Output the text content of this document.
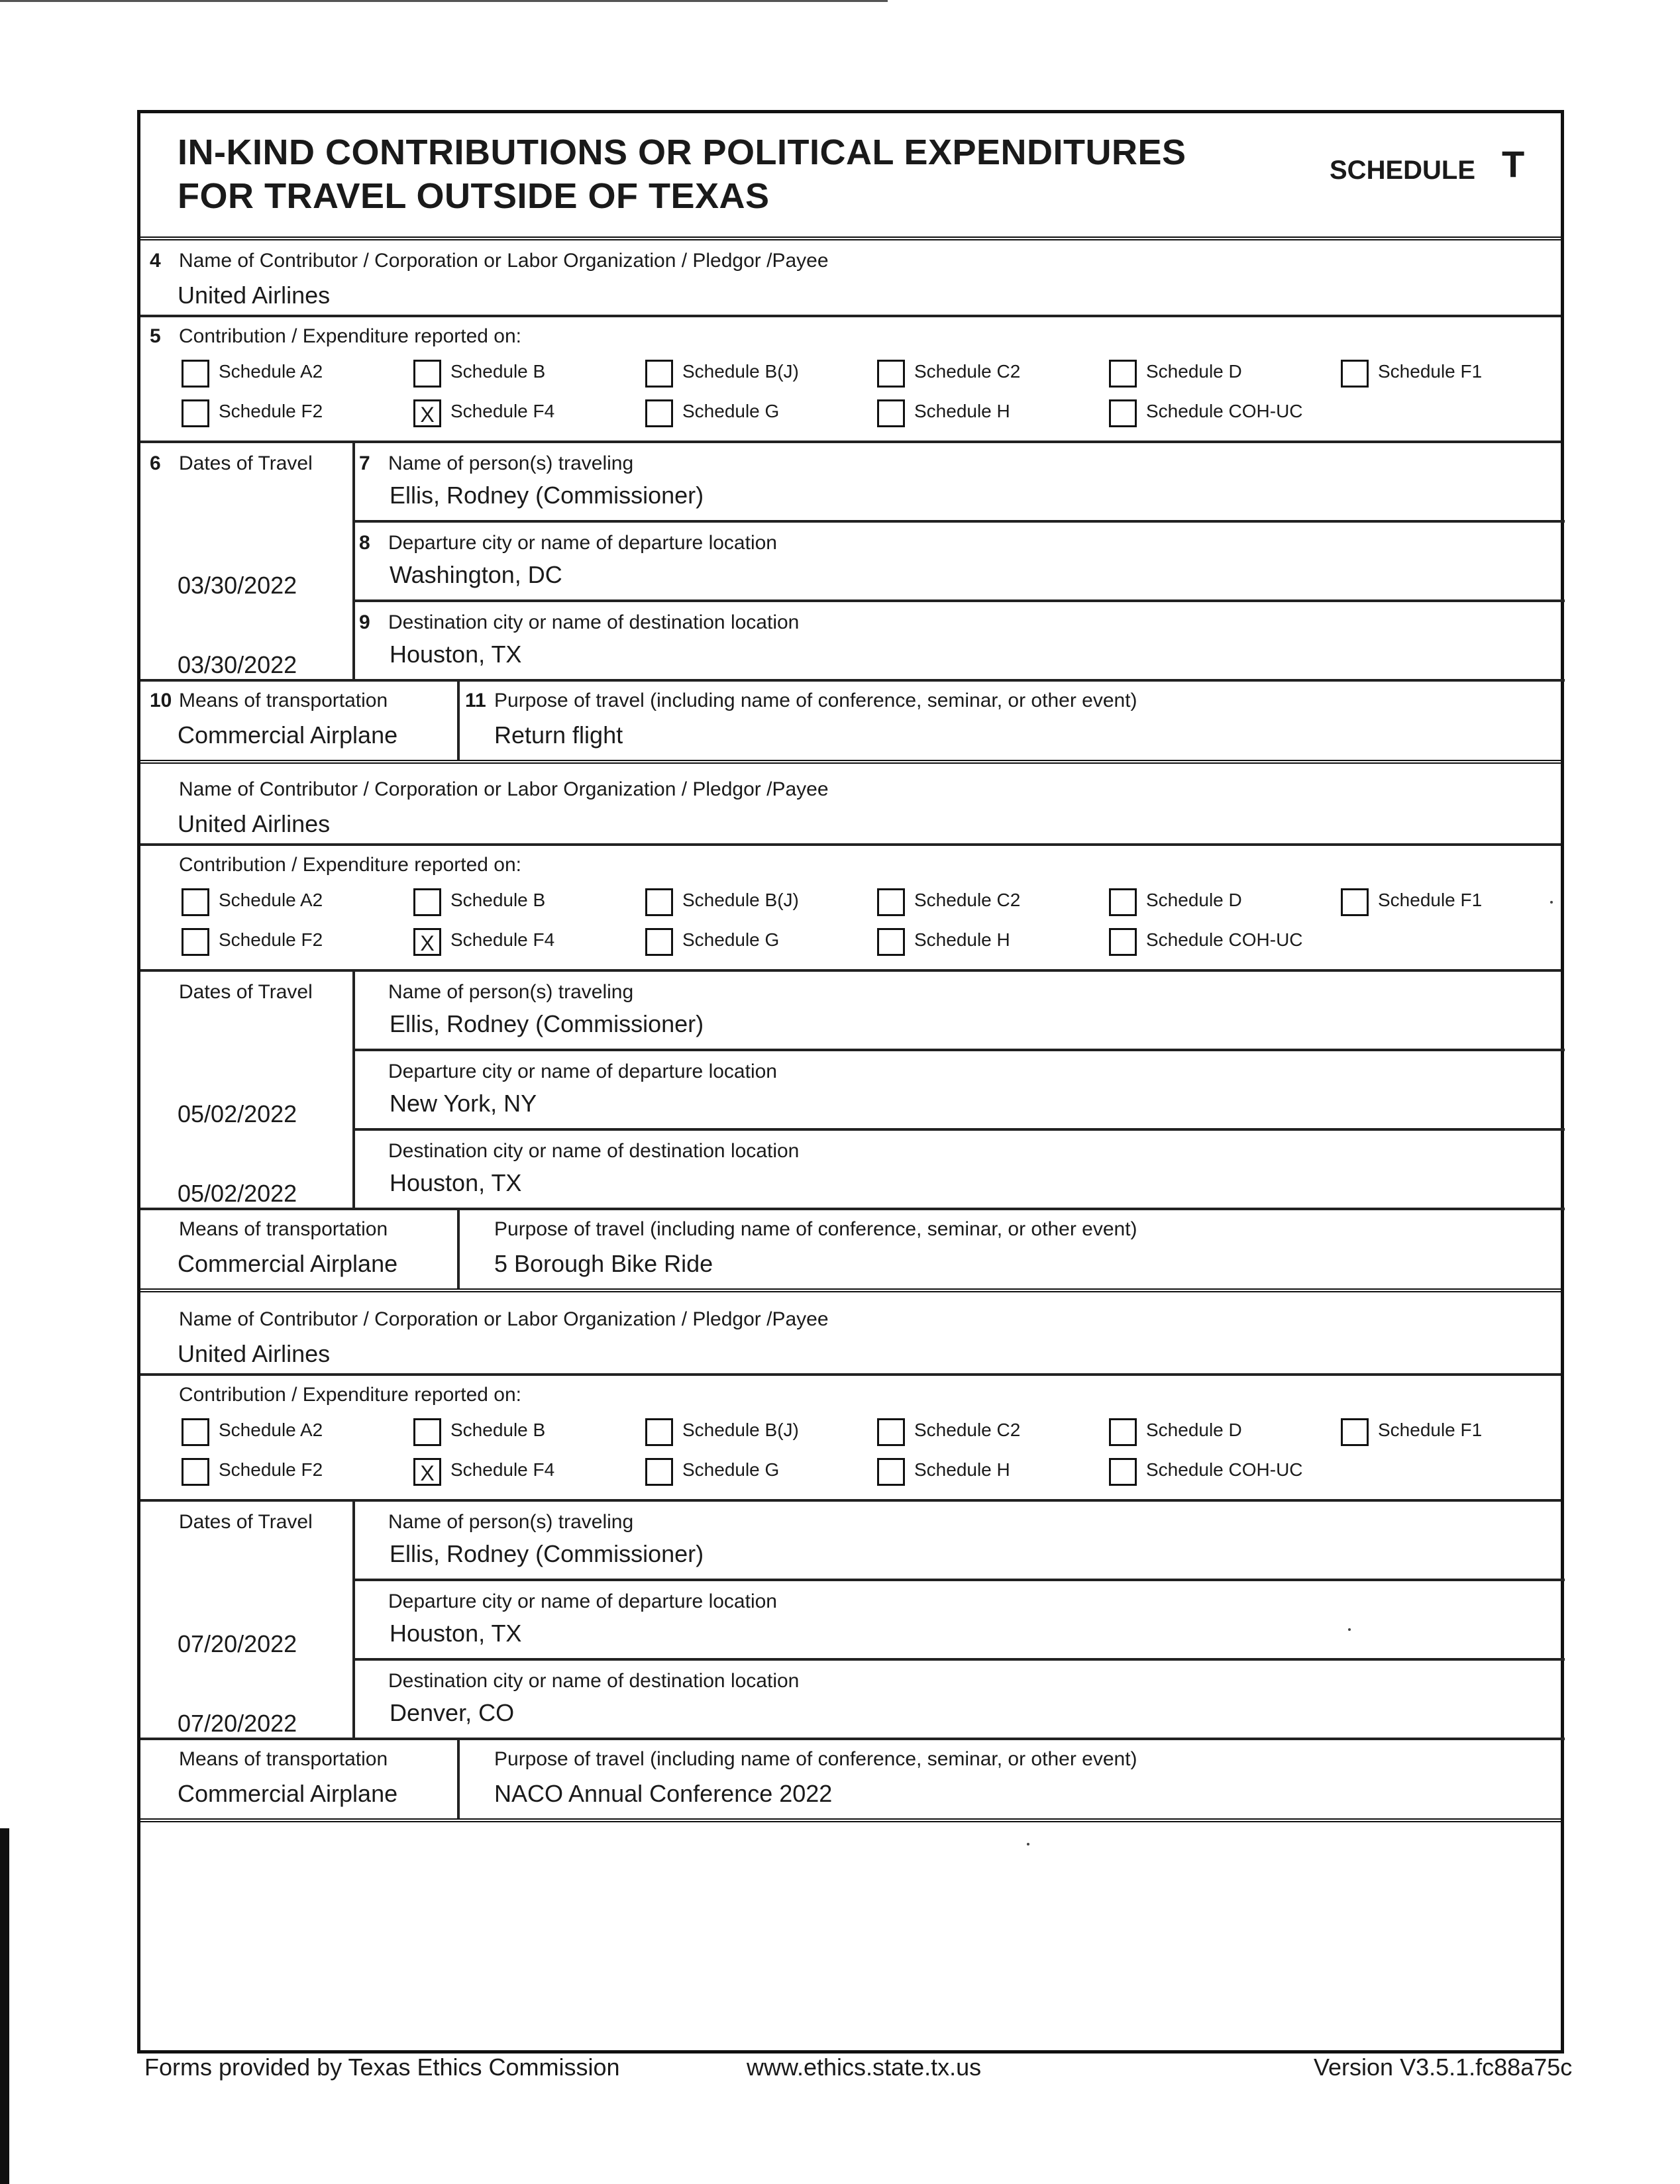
IN-KIND CONTRIBUTIONS OR POLITICAL EXPENDITURES
FOR TRAVEL OUTSIDE OF TEXAS
SCHEDULE T
4 Name of Contributor / Corporation or Labor Organization / Pledgor /Payee
United Airlines
5 Contribution / Expenditure reported on:
Schedule A2	Schedule B	Schedule B(J)	Schedule C2	Schedule D	Schedule F1
Schedule F2	X Schedule F4	Schedule G	Schedule H	Schedule COH-UC
6 Dates of Travel
03/30/2022
03/30/2022
7 Name of person(s) traveling
Ellis, Rodney (Commissioner)
8 Departure city or name of departure location
Washington, DC
9 Destination city or name of destination location
Houston, TX
10 Means of transportation
Commercial Airplane
11 Purpose of travel (including name of conference, seminar, or other event)
Return flight
Name of Contributor / Corporation or Labor Organization / Pledgor /Payee
United Airlines
Contribution / Expenditure reported on:
Schedule A2	Schedule B	Schedule B(J)	Schedule C2	Schedule D	Schedule F1
Schedule F2	X Schedule F4	Schedule G	Schedule H	Schedule COH-UC
Dates of Travel
05/02/2022
05/02/2022
Name of person(s) traveling
Ellis, Rodney (Commissioner)
Departure city or name of departure location
New York, NY
Destination city or name of destination location
Houston, TX
Means of transportation
Commercial Airplane
Purpose of travel (including name of conference, seminar, or other event)
5 Borough Bike Ride
Name of Contributor / Corporation or Labor Organization / Pledgor /Payee
United Airlines
Contribution / Expenditure reported on:
Schedule A2	Schedule B	Schedule B(J)	Schedule C2	Schedule D	Schedule F1
Schedule F2	X Schedule F4	Schedule G	Schedule H	Schedule COH-UC
Dates of Travel
07/20/2022
07/20/2022
Name of person(s) traveling
Ellis, Rodney (Commissioner)
Departure city or name of departure location
Houston, TX
Destination city or name of destination location
Denver, CO
Means of transportation
Commercial Airplane
Purpose of travel (including name of conference, seminar, or other event)
NACO Annual Conference 2022
Forms provided by Texas Ethics Commission	www.ethics.state.tx.us	Version V3.5.1.fc88a75c
